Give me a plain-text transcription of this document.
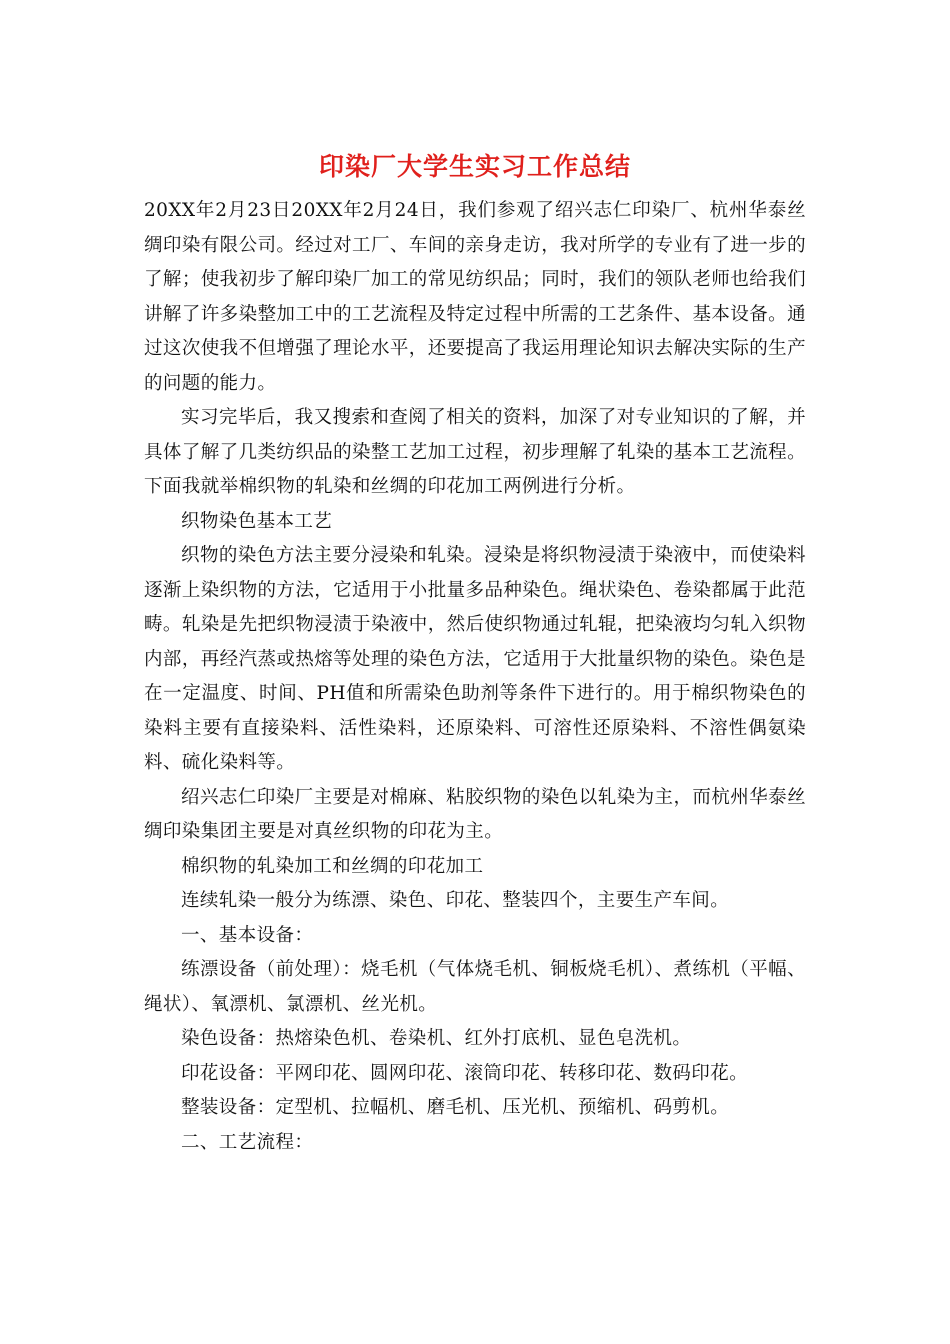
印染厂大学生实习工作总结

20XX年2月23日20XX年2月24日，我们参观了绍兴志仁印染厂、杭州华泰丝绸印染有限公司。经过对工厂、车间的亲身走访，我对所学的专业有了进一步的了解；使我初步了解印染厂加工的常见纺织品；同时，我们的领队老师也给我们讲解了许多染整加工中的工艺流程及特定过程中所需的工艺条件、基本设备。通过这次使我不但增强了理论水平，还要提高了我运用理论知识去解决实际的生产的问题的能力。

实习完毕后，我又搜索和查阅了相关的资料，加深了对专业知识的了解，并具体了解了几类纺织品的染整工艺加工过程，初步理解了轧染的基本工艺流程。下面我就举棉织物的轧染和丝绸的印花加工两例进行分析。

织物染色基本工艺

织物的染色方法主要分浸染和轧染。浸染是将织物浸渍于染液中，而使染料逐渐上染织物的方法，它适用于小批量多品种染色。绳状染色、卷染都属于此范畴。轧染是先把织物浸渍于染液中，然后使织物通过轧辊，把染液均匀轧入织物内部，再经汽蒸或热熔等处理的染色方法，它适用于大批量织物的染色。染色是在一定温度、时间、PH值和所需染色助剂等条件下进行的。用于棉织物染色的染料主要有直接染料、活性染料，还原染料、可溶性还原染料、不溶性偶氨染料、硫化染料等。

绍兴志仁印染厂主要是对棉麻、粘胶织物的染色以轧染为主，而杭州华泰丝绸印染集团主要是对真丝织物的印花为主。

棉织物的轧染加工和丝绸的印花加工

连续轧染一般分为练漂、染色、印花、整装四个，主要生产车间。

一、基本设备：

练漂设备（前处理）：烧毛机（气体烧毛机、铜板烧毛机）、煮练机（平幅、绳状）、氧漂机、氯漂机、丝光机。

染色设备：热熔染色机、卷染机、红外打底机、显色皂洗机。

印花设备：平网印花、圆网印花、滚筒印花、转移印花、数码印花。

整装设备：定型机、拉幅机、磨毛机、压光机、预缩机、码剪机。

二、工艺流程：
